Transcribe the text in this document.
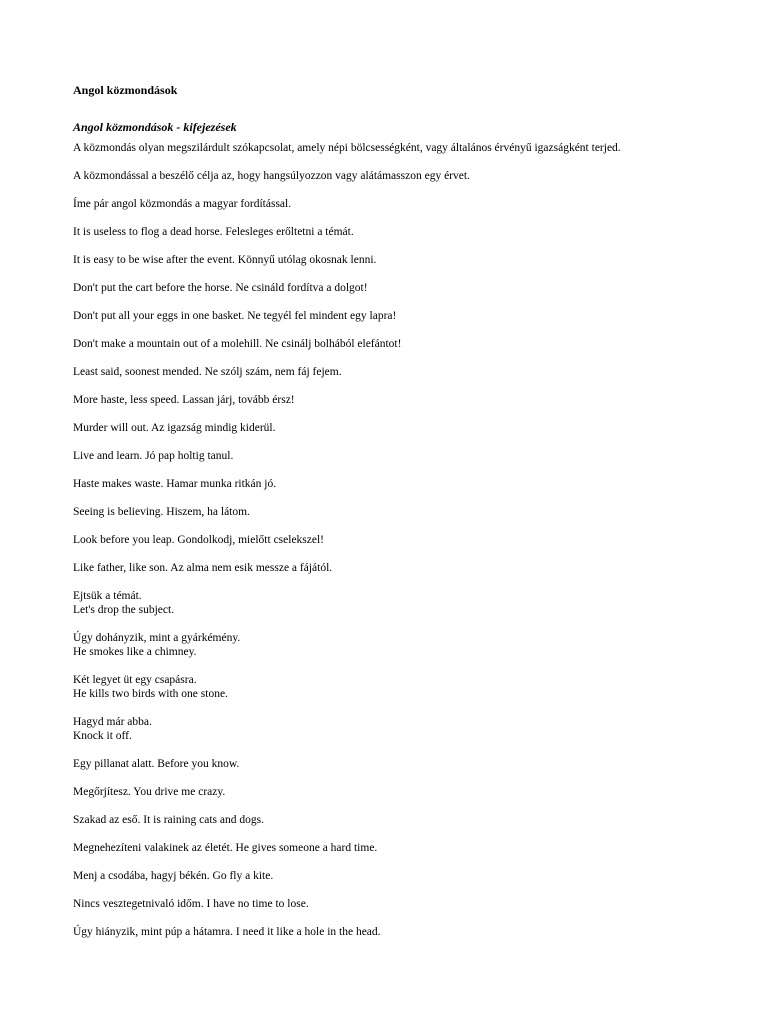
Angol közmondások
Angol közmondások - kifejezések

A közmondás olyan megszilárdult szókapcsolat, amely népi bölcsességként, vagy általános érvényű igazságként terjed.

A közmondással a beszélő célja az, hogy hangsúlyozzon vagy alátámasszon egy érvet.

Íme pár angol közmondás a magyar fordítással.

It is useless to flog a dead horse. Felesleges erőltetni a témát.

It is easy to be wise after the event. Könnyű utólag okosnak lenni.

Don't put the cart before the horse. Ne csináld fordítva a dolgot!

Don't put all your eggs in one basket. Ne tegyél fel mindent egy lapra!

Don't make a mountain out of a molehill. Ne csinálj bolhából elefántot!

Least said, soonest mended. Ne szólj szám, nem fáj fejem.

More haste, less speed. Lassan járj, tovább érsz!

Murder will out. Az igazság mindig kiderül.

Live and learn. Jó pap holtig tanul.

Haste makes waste. Hamar munka ritkán jó.

Seeing is believing. Hiszem, ha látom.

Look before you leap. Gondolkodj, mielőtt cselekszel!

Like father, like son. Az alma nem esik messze a fájától.

Ejtsük a témát.
Let's drop the subject.

Úgy dohányzik, mint a gyárkémény.
He smokes like a chimney.

Két legyet üt egy csapásra.
He kills two birds with one stone.

Hagyd már abba.
Knock it off.

Egy pillanat alatt. Before you know.

Megőrjítesz. You drive me crazy.

Szakad az eső. It is raining cats and dogs.

Megnehezíteni valakinek az életét. He gives someone a hard time.

Menj a csodába, hagyj békén. Go fly a kite.

Nincs vesztegetnivaló időm. I have no time to lose.

Úgy hiányzik, mint púp a hátamra. I need it like a hole in the head.
